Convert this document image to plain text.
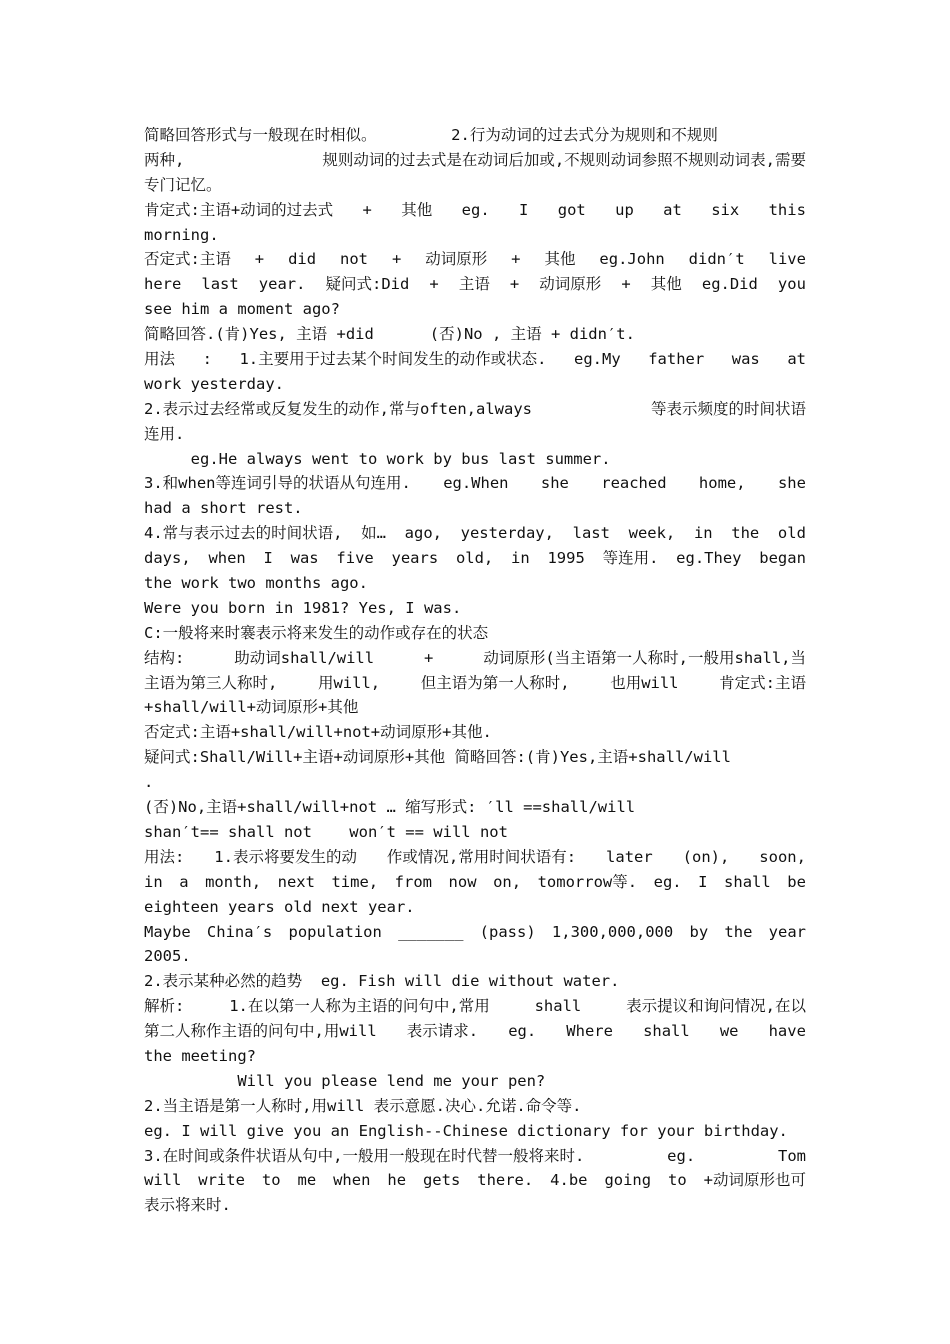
简略回答形式与一般现在时相似。        2.行为动词的过去式分为规则和不规则
两种,	规则动词的过去式是在动词后加或,不规则动词参照不规则动词表,需要
专门记忆。
肯定式:主语+动词的过去式 + 其他 eg. I got up at six this
morning.
否定式:主语 + did not + 动词原形 + 其他 eg.John didn′t live
here last year. 疑问式:Did + 主语 + 动词原形 + 其他 eg.Did you
see him a moment ago?
简略回答.(肯)Yes, 主语 +did      (否)No , 主语 + didn′t.
用法 : 1.主要用于过去某个时间发生的动作或状态. eg.My father was at
work yesterday.
2.表示过去经常或反复发生的动作,常与often,always	等表示频度的时间状语
连用.
eg.He always went to work by bus last summer.
3.和when等连词引导的状语从句连用. eg.When she reached home, she
had a short rest.
4.常与表示过去的时间状语, 如… ago, yesterday, last week, in the old
days, when I was five years old, in 1995 等连用. eg.They began
the work two months ago.
Were you born in 1981? Yes, I was.
C:一般将来时褰表示将来发生的动作或存在的状态
结构:	助动词shall/will	+	动词原形(当主语第一人称时,一般用shall,当
主语为第三人称时,	用will,	但主语为第一人称时,	也用will	肯定式:主语
+shall/will+动词原形+其他
否定式:主语+shall/will+not+动词原形+其他.
疑问式:Shall/Will+主语+动词原形+其他 简略回答:(肯)Yes,主语+shall/will
.
(否)No,主语+shall/will+not … 缩写形式: ′ll ==shall/will
shan′t== shall not    won′t == will not
用法: 1.表示将要发生的动 作或情况,常用时间状语有: later (on), soon,
in a month, next time, from now on, tomorrow等. eg. I shall be
eighteen years old next year.
Maybe China′s population _______ (pass) 1,300,000,000 by the year
2005.
2.表示某种必然的趋势  eg. Fish will die without water.
解析:	1.在以第一人称为主语的问句中,常用	shall	表示提议和询问情况,在以
第二人称作主语的问句中,用will 表示请求. eg. Where shall we have
the meeting?
Will you please lend me your pen?
2.当主语是第一人称时,用will 表示意愿.决心.允诺.命令等.
eg. I will give you an English--Chinese dictionary for your birthday.
3.在时间或条件状语从句中,一般用一般现在时代替一般将来时.	eg.	Tom
will write to me when he gets there. 4.be going to +动词原形也可
表示将来时.
